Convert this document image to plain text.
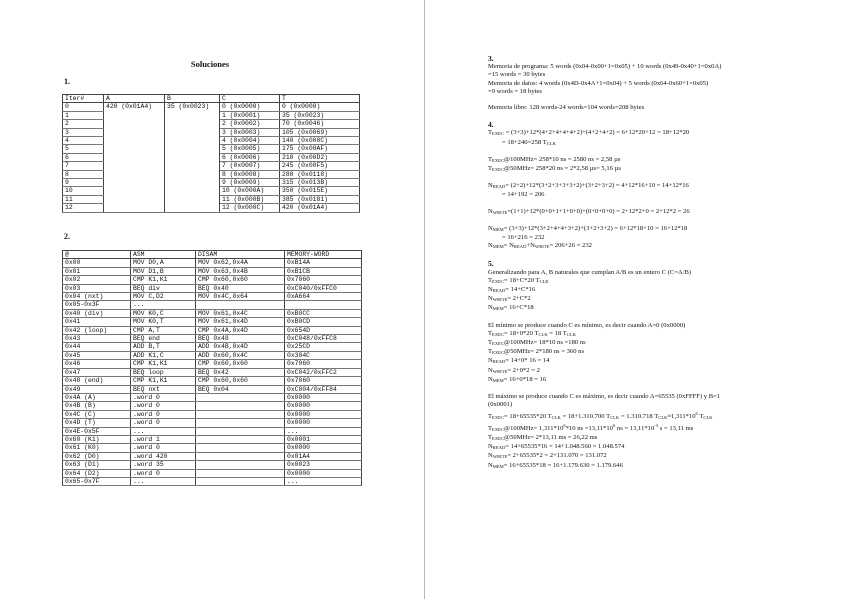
Soluciones
1.
Iter#	A	B	C	T
0	420 (0x01A4)	35 (0x0023)	0 (0x0000)	0 (0x0000)
1			1 (0x0001)	35 (0x0023)
2			2 (0x0002)	70 (0x0046)
3			3 (0x0003)	105 (0x0069)
4			4 (0x0004)	140 (0x008C)
5			5 (0x0005)	175 (0x00AF)
6			6 (0x0006)	210 (0x00D2)
7			7 (0x0007)	245 (0x00F5)
8			8 (0x0008)	280 (0x0118)
9			9 (0x0009)	315 (0x013B)
10			10 (0x000A)	350 (0x015E)
11			11 (0x000B)	385 (0x0181)
12			12 (0x000C)	420 (0x01A4)
2.
@	ASM	DISAM	MEMORY-WORD
0x00	MOV D0,A	MOV 0x62,0x4A	0xB14A
0x01	MOV D1,B	MOV 0x63,0x4B	0xB1CB
0x02	CMP K1,K1	CMP 0x60,0x60	0x7060
0x03	BEQ div	BEQ 0x40	0xC040/0xFFC0
0x04 (nxt)	MOV C,D2	MOV 0x4C,0x64	0xA664
0x05-0x3F	...		
0x40 (div)	MOV K0,C	MOV 0x61,0x4C	0xB0CC
0x41	MOV K0,T	MOV 0x61,0x4D	0xB0CD
0x42 (loop)	CMP A,T	CMP 0x4A,0x4D	0x654D
0x43	BEQ end	BEQ 0x48	0xC048/0xFFC8
0x44	ADD B,T	ADD 0x4B,0x4D	0x25CD
0x45	ADD K1,C	ADD 0x60,0x4C	0x304C
0x46	CMP K1,K1	CMP 0x60,0x60	0x7060
0x47	BEQ loop	BEQ 0x42	0xC042/0xFFC2
0x48 (end)	CMP K1,K1	CMP 0x60,0x60	0x7060
0x49	BEQ nxt	BEQ 0x04	0xC004/0xFF84
0x4A (A)	.word 0		0x0000
0x4B (B)	.word 0		0x0000
0x4C (C)	.word 0		0x0000
0x4D (T)	.word 0		0x0000
0x4E-0x5F	...		...
0x60 (K1)	.word 1		0x0001
0x61 (K0)	.word 0		0x0000
0x62 (D0)	.word 420		0x01A4
0x63 (D1)	.word 35		0x0023
0x64 (D2)	.word 0		0x0000
0x65-0x7F	...		...
3.
Memoria de programa: 5 words (0x04-0x00+1=0x05) + 10 words (0x49-0x40+1=0x0A)
=15 words = 30 bytes
Memoria de datos: 4 words (0x4D-0x4A+1=0x04) + 5 words (0x64-0x60+1=0x05)
=9 words = 18 bytes
Memoria libre: 128 words-24 words=104 words=208 bytes
4.
$T_{EXEC} = (3+3)+12*(4+2+4+4+4+2)+(4+2+4+2) = 6+12*20+12 = 18+12*20$
= 18+240=258 $T_{CLK}$
$T_{EXEC}@100MHz= 258*10$ ns = 2580 ns = 2,58 µs
$T_{EXEC}@50MHz= 258*20$ ns = 2*2,58 µs= 5,16 µs
$N_{READ}= (2+2)+12*(3+2+3+3+3+2)+(3+2+3+2) = 4+12*16+10 = 14+12*16$
= 14+192 = 206
$N_{WRITE}=(1+1)+12*(0+0+1+1+0+0)+(0+0+0+0) = 2+12*2+0 = 2+12*2 = 26$
$N_{MEM}= (3+3)+12*(3+2+4+4+3+2)+(3+2+3+2) = 6+12*18+10 = 16+12*18$
= 16+216 = 232
$N_{MEM}= N_{READ}+N_{WRITE}= 206+26 = 232$
5.
Generalizando para A, B naturales que cumplan A/B es un entero C (C=A/B)
$T_{EXEC}= 18+C*20$ $T_{CLK}$
$N_{READ}= 14+C*16$
$N_{WRITE}= 2+C*2$
$N_{MEM}= 16+C*18$
El mínimo se produce cuando C es mínimo, es decir cuando A=0 (0x0000)
$T_{EXEC}= 18+0*20$ $T_{CLK} = 18$ $T_{CLK}$
$T_{EXEC}@100MHz= 18*10$ ns =180 ns
$T_{EXEC}@50MHz= 2*180$ ns = 360 ns
$N_{READ}= 14+0*$ 16 = 14
$N_{WRITE}= 2+0*2 = 2$
$N_{MEM}= 16+0*18 = 16$
El máximo se produce cuando C es máximo, es decir cuando A=65535 (0xFFFF) y B=1
(0x0001)
$T_{EXEC}= 18+65535*20$ $T_{CLK} = 18+1.310.700$ $T_{CLK} = 1.310.718$ $T_{CLK}\approx 1,311*10^6$ $T_{CLK}$
$T_{EXEC}@100MHz= 1,311*10^6*10$ ns $=13,11*10^6$ ns = $13,11*10^{-3}$ s = 13,11 ms
$T_{EXEC}@50MHz= 2*13,11$ ms = 26,22 ms
$N_{READ}= 14+65535*16 = 14+1.048.560 = 1.048.574$
$N_{WRITE}= 2+65535*2 = 2+131.070 = 131.072$
$N_{MEM}= 16+65535*18 = 16+1.179.630 = 1.179.646$
